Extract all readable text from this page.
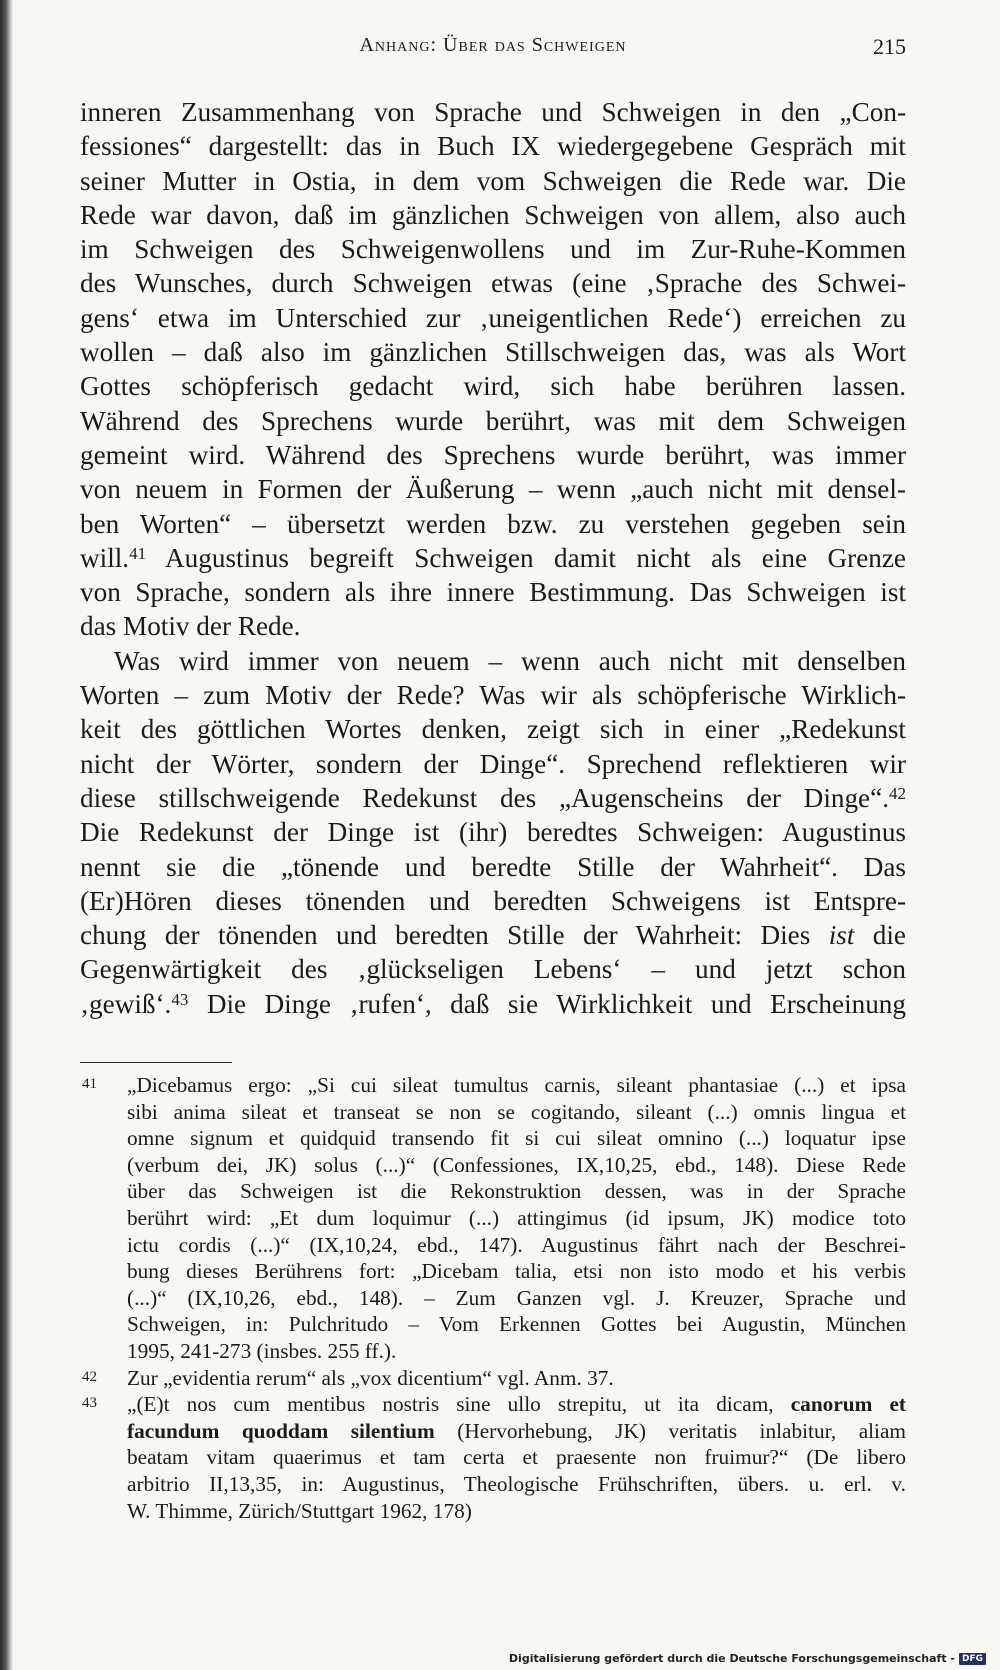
Anhang: Über das Schweigen	215
inneren Zusammenhang von Sprache und Schweigen in den „Con-
fessiones“ dargestellt: das in Buch IX wiedergegebene Gespräch mit
seiner Mutter in Ostia, in dem vom Schweigen die Rede war. Die
Rede war davon, daß im gänzlichen Schweigen von allem, also auch
im Schweigen des Schweigenwollens und im Zur-Ruhe-Kommen
des Wunsches, durch Schweigen etwas (eine ‚Sprache des Schwei-
gens‘ etwa im Unterschied zur ‚uneigentlichen Rede‘) erreichen zu
wollen – daß also im gänzlichen Stillschweigen das, was als Wort
Gottes schöpferisch gedacht wird, sich habe berühren lassen.
Während des Sprechens wurde berührt, was mit dem Schweigen
gemeint wird. Während des Sprechens wurde berührt, was immer
von neuem in Formen der Äußerung – wenn „auch nicht mit densel-
ben Worten“ – übersetzt werden bzw. zu verstehen gegeben sein
will.$^{41}$ Augustinus begreift Schweigen damit nicht als eine Grenze
von Sprache, sondern als ihre innere Bestimmung. Das Schweigen ist
das Motiv der Rede.
Was wird immer von neuem – wenn auch nicht mit denselben
Worten – zum Motiv der Rede? Was wir als schöpferische Wirklich-
keit des göttlichen Wortes denken, zeigt sich in einer „Redekunst
nicht der Wörter, sondern der Dinge“. Sprechend reflektieren wir
diese stillschweigende Redekunst des „Augenscheins der Dinge“.$^{42}$
Die Redekunst der Dinge ist (ihr) beredtes Schweigen: Augustinus
nennt sie die „tönende und beredte Stille der Wahrheit“. Das
(Er)Hören dieses tönenden und beredten Schweigens ist Entspre-
chung der tönenden und beredten Stille der Wahrheit: Dies ist die
Gegenwärtigkeit des ‚glückseligen Lebens‘ – und jetzt schon
‚gewiß‘.$^{43}$ Die Dinge ‚rufen‘, daß sie Wirklichkeit und Erscheinung
41 „Dicebamus ergo: „Si cui sileat tumultus carnis, sileant phantasiae (...) et ipsa
sibi anima sileat et transeat se non se cogitando, sileant (...) omnis lingua et
omne signum et quidquid transendo fit si cui sileat omnino (...) loquatur ipse
(verbum dei, JK) solus (...)“ (Confessiones, IX,10,25, ebd., 148). Diese Rede
über das Schweigen ist die Rekonstruktion dessen, was in der Sprache
berührt wird: „Et dum loquimur (...) attingimus (id ipsum, JK) modice toto
ictu cordis (...)“ (IX,10,24, ebd., 147). Augustinus fährt nach der Beschrei-
bung dieses Berührens fort: „Dicebam talia, etsi non isto modo et his verbis
(...)“ (IX,10,26, ebd., 148). – Zum Ganzen vgl. J. Kreuzer, Sprache und
Schweigen, in: Pulchritudo – Vom Erkennen Gottes bei Augustin, München
1995, 241-273 (insbes. 255 ff.).
42 Zur „evidentia rerum“ als „vox dicentium“ vgl. Anm. 37.
43 „(E)t nos cum mentibus nostris sine ullo strepitu, ut ita dicam, canorum et
facundum quoddam silentium (Hervorhebung, JK) veritatis inlabitur, aliam
beatam vitam quaerimus et tam certa et praesente non fruimur?“ (De libero
arbitrio II,13,35, in: Augustinus, Theologische Frühschriften, übers. u. erl. v.
W. Thimme, Zürich/Stuttgart 1962, 178)
Digitalisierung gefördert durch die Deutsche Forschungsgemeinschaft - DFG
